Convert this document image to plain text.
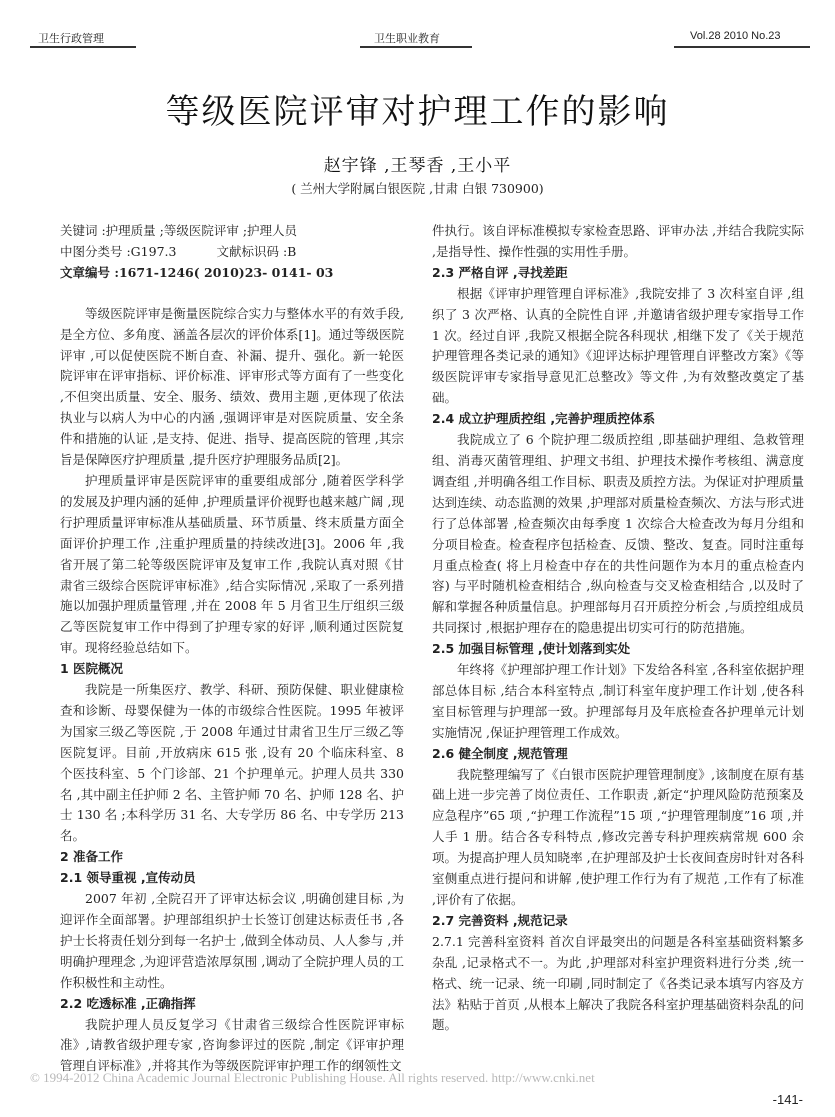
卫生行政管理	卫生职业教育	Vol.28 2010 No.23
等级医院评审对护理工作的影响
赵宇锋 ,王琴香 ,王小平
( 兰州大学附属白银医院 ,甘肃 白银 730900)

关键词 :护理质量 ;等级医院评审 ;护理人员

中图分类号 :G197.3	文献标识码 :B

文章编号 :1671-1246( 2010)23- 0141- 03

等级医院评审是衡量医院综合实力与整体水平的有效手段,是全方位、多角度、涵盖各层次的评价体系[1]。通过等级医院评审 ,可以促使医院不断自查、补漏、提升、强化。新一轮医院评审在评审指标、评价标准、评审形式等方面有了一些变化 ,不但突出质量、安全、服务、绩效、费用主题 ,更体现了依法执业与以病人为中心的内涵 ,强调评审是对医院质量、安全条件和措施的认证 ,是支持、促进、指导、提高医院的管理 ,其宗旨是保障医疗护理质量 ,提升医疗护理服务品质[2]。

护理质量评审是医院评审的重要组成部分 ,随着医学科学的发展及护理内涵的延伸 ,护理质量评价视野也越来越广阔 ,现行护理质量评审标准从基础质量、环节质量、终末质量方面全面评价护理工作 ,注重护理质量的持续改进[3]。2006 年 ,我省开展了第二轮等级医院评审及复审工作 ,我院认真对照《甘肃省三级综合医院评审标准》,结合实际情况 ,采取了一系列措施以加强护理质量管理 ,并在 2008 年 5 月省卫生厅组织三级乙等医院复审工作中得到了护理专家的好评 ,顺利通过医院复审。现将经验总结如下。

1 医院概况

我院是一所集医疗、教学、科研、预防保健、职业健康检查和诊断、母婴保健为一体的市级综合性医院。1995 年被评为国家三级乙等医院 ,于 2008 年通过甘肃省卫生厅三级乙等医院复评。目前 ,开放病床 615 张 ,设有 20 个临床科室、8 个医技科室、5 个门诊部、21 个护理单元。护理人员共 330 名 ,其中副主任护师 2 名、主管护师 70 名、护师 128 名、护士 130 名 ;本科学历 31 名、大专学历 86 名、中专学历 213 名。

2 准备工作

2.1 领导重视 ,宣传动员

2007 年初 ,全院召开了评审达标会议 ,明确创建目标 ,为迎评作全面部署。护理部组织护士长签订创建达标责任书 ,各护士长将责任划分到每一名护士 ,做到全体动员、人人参与 ,并明确护理理念 ,为迎评营造浓厚氛围 ,调动了全院护理人员的工作积极性和主动性。

2.2 吃透标准 ,正确指挥

我院护理人员反复学习《甘肃省三级综合性医院评审标准》,请教省级护理专家 ,咨询参评过的医院 ,制定《评审护理管理自评标准》,并将其作为等级医院评审护理工作的纲领性文

件执行。该自评标准模拟专家检查思路、评审办法 ,并结合我院实际 ,是指导性、操作性强的实用性手册。

2.3 严格自评 ,寻找差距

根据《评审护理管理自评标准》,我院安排了 3 次科室自评 ,组织了 3 次严格、认真的全院性自评 ,并邀请省级护理专家指导工作 1 次。经过自评 ,我院又根据全院各科现状 ,相继下发了《关于规范护理管理各类记录的通知》《迎评达标护理管理自评整改方案》《等级医院评审专家指导意见汇总整改》等文件 ,为有效整改奠定了基础。

2.4 成立护理质控组 ,完善护理质控体系

我院成立了 6 个院护理二级质控组 ,即基础护理组、急救管理组、消毒灭菌管理组、护理文书组、护理技术操作考核组、满意度调查组 ,并明确各组工作目标、职责及质控方法。为保证对护理质量达到连续、动态监测的效果 ,护理部对质量检查频次、方法与形式进行了总体部署 ,检查频次由每季度 1 次综合大检查改为每月分组和分项目检查。检查程序包括检查、反馈、整改、复查。同时注重每月重点检查( 将上月检查中存在的共性问题作为本月的重点检查内容) 与平时随机检查相结合 ,纵向检查与交叉检查相结合 ,以及时了解和掌握各种质量信息。护理部每月召开质控分析会 ,与质控组成员共同探讨 ,根据护理存在的隐患提出切实可行的防范措施。

2.5 加强目标管理 ,使计划落到实处

年终将《护理部护理工作计划》下发给各科室 ,各科室依据护理部总体目标 ,结合本科室特点 ,制订科室年度护理工作计划 ,使各科室目标管理与护理部一致。护理部每月及年底检查各护理单元计划实施情况 ,保证护理管理工作成效。

2.6 健全制度 ,规范管理

我院整理编写了《白银市医院护理管理制度》,该制度在原有基础上进一步完善了岗位责任、工作职责 ,新定“护理风险防范预案及应急程序”65 项 ,“护理工作流程”15 项 ,“护理管理制度”16 项 ,并人手 1 册。结合各专科特点 ,修改完善专科护理疾病常规 600 余项。为提高护理人员知晓率 ,在护理部及护士长夜间查房时针对各科室侧重点进行提问和讲解 ,使护理工作行为有了规范 ,工作有了标准 ,评价有了依据。

2.7 完善资料 ,规范记录

2.7.1 完善科室资料 首次自评最突出的问题是各科室基础资料繁多杂乱 ,记录格式不一。为此 ,护理部对科室护理资料进行分类 ,统一格式、统一记录、统一印刷 ,同时制定了《各类记录本填写内容及方法》粘贴于首页 ,从根本上解决了我院各科室护理基础资料杂乱的问题。

© 1994-2012 China Academic Journal Electronic Publishing House. All rights reserved. http://www.cnki.net
-141-
